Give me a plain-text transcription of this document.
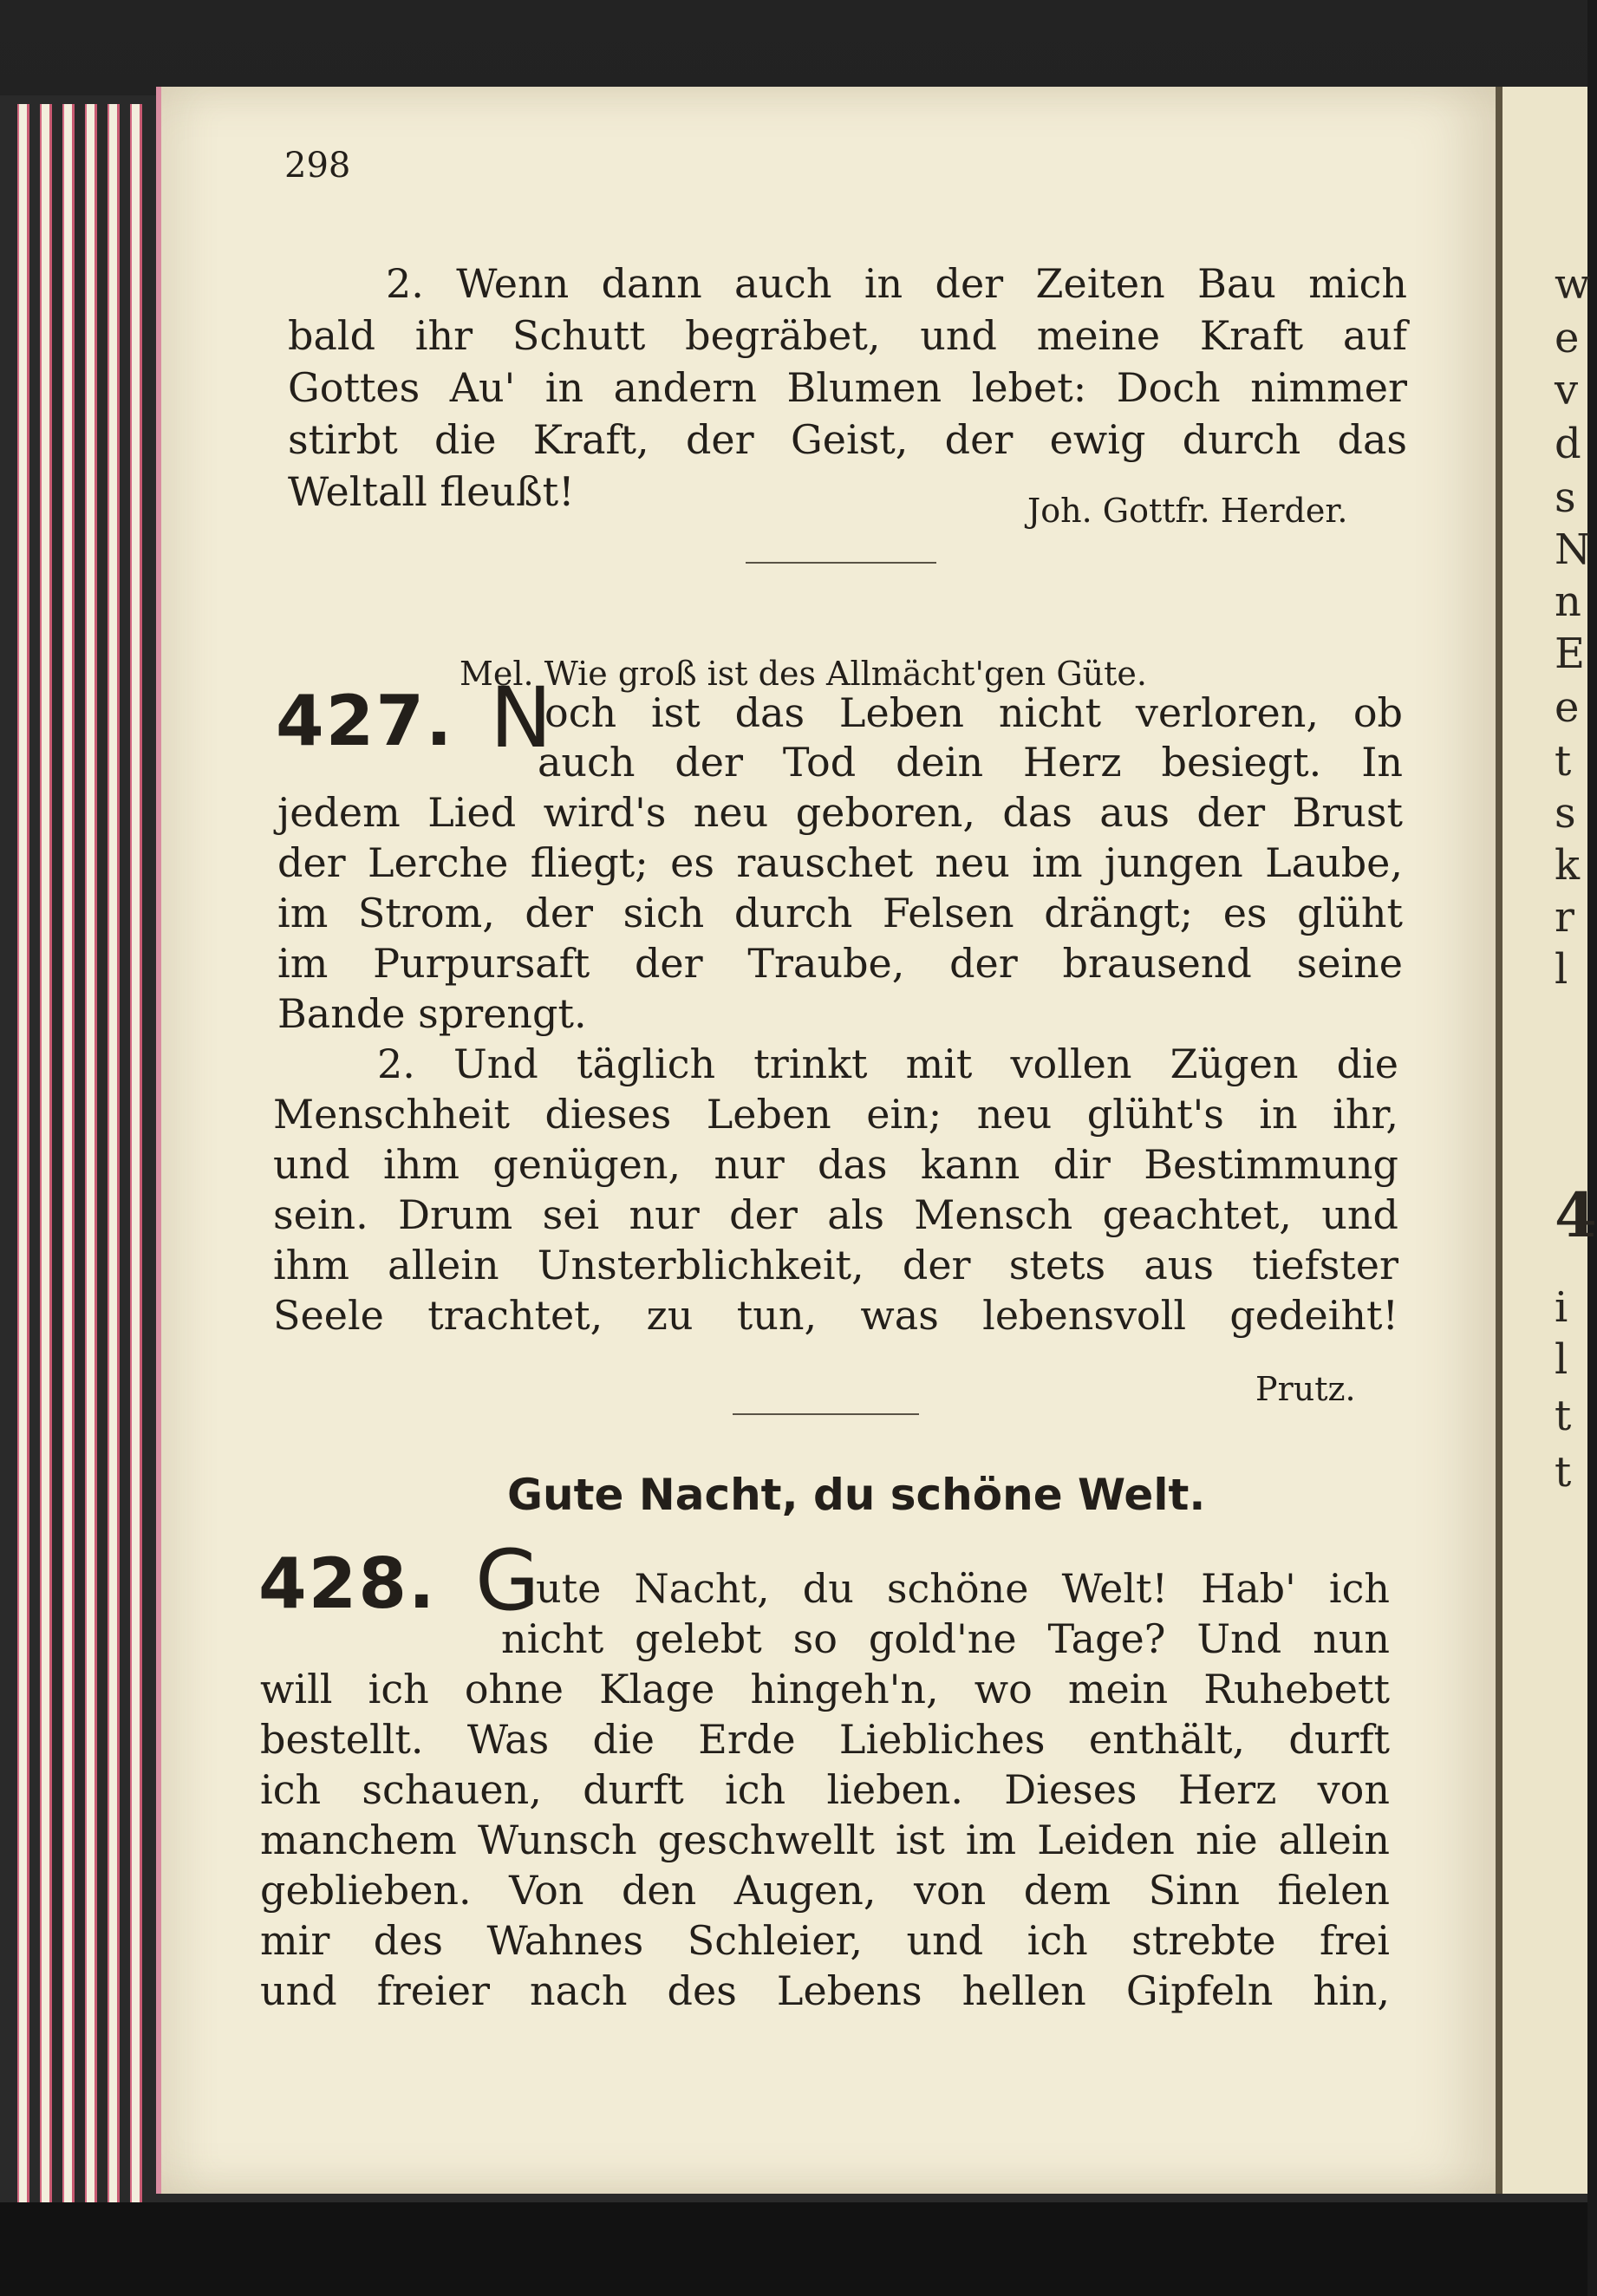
w
e
v
d
s
N
n
E
e
t
s
k
r
l
4
i
l
t
t
298
2. Wenn dann auch in der Zeiten Bau mich
bald ihr Schutt begräbet, und meine Kraft auf
Gottes Au' in andern Blumen lebet: Doch nimmer
stirbt die Kraft, der Geist, der ewig durch das
Weltall fleußt!	Joh. Gottfr. Herder.
Mel. Wie groß ist des Allmächt'gen Güte.
427. N
och ist das Leben nicht verloren, ob
auch der Tod dein Herz besiegt. In
jedem Lied wird's neu geboren, das aus der Brust
der Lerche fliegt; es rauschet neu im jungen Laube,
im Strom, der sich durch Felsen drängt; es glüht
im Purpursaft der Traube, der brausend seine
Bande sprengt.
2. Und täglich trinkt mit vollen Zügen die
Menschheit dieses Leben ein; neu glüht's in ihr,
und ihm genügen, nur das kann dir Bestimmung
sein. Drum sei nur der als Mensch geachtet, und
ihm allein Unsterblichkeit, der stets aus tiefster
Seele trachtet, zu tun, was lebensvoll gedeiht!
Prutz.
Gute Nacht, du schöne Welt.
428. G
ute Nacht, du schöne Welt! Hab' ich
nicht gelebt so gold'ne Tage? Und nun
will ich ohne Klage hingeh'n, wo mein Ruhebett
bestellt. Was die Erde Liebliches enthält, durft
ich schauen, durft ich lieben. Dieses Herz von
manchem Wunsch geschwellt ist im Leiden nie allein
geblieben. Von den Augen, von dem Sinn fielen
mir des Wahnes Schleier, und ich strebte frei
und freier nach des Lebens hellen Gipfeln hin,
